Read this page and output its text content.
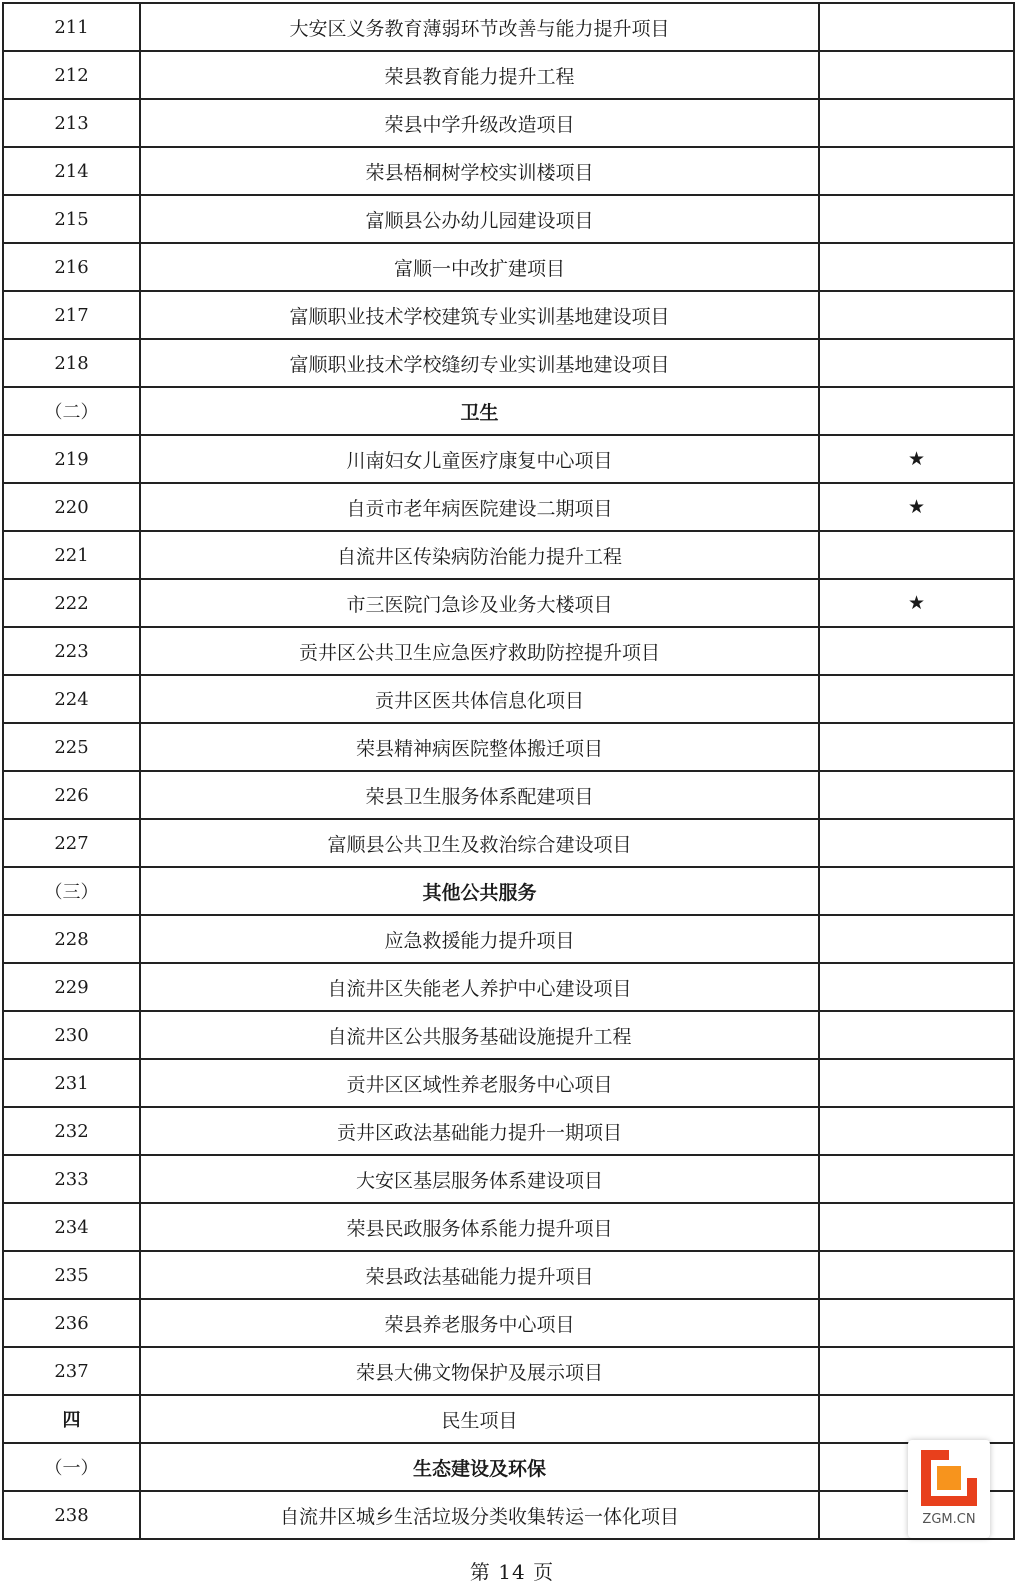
211	大安区义务教育薄弱环节改善与能力提升项目	
212	荣县教育能力提升工程	
213	荣县中学升级改造项目	
214	荣县梧桐树学校实训楼项目	
215	富顺县公办幼儿园建设项目	
216	富顺一中改扩建项目	
217	富顺职业技术学校建筑专业实训基地建设项目	
218	富顺职业技术学校缝纫专业实训基地建设项目	
（二）	卫生	
219	川南妇女儿童医疗康复中心项目	★
220	自贡市老年病医院建设二期项目	★
221	自流井区传染病防治能力提升工程	
222	市三医院门急诊及业务大楼项目	★
223	贡井区公共卫生应急医疗救助防控提升项目	
224	贡井区医共体信息化项目	
225	荣县精神病医院整体搬迁项目	
226	荣县卫生服务体系配建项目	
227	富顺县公共卫生及救治综合建设项目	
（三）	其他公共服务	
228	应急救援能力提升项目	
229	自流井区失能老人养护中心建设项目	
230	自流井区公共服务基础设施提升工程	
231	贡井区区域性养老服务中心项目	
232	贡井区政法基础能力提升一期项目	
233	大安区基层服务体系建设项目	
234	荣县民政服务体系能力提升项目	
235	荣县政法基础能力提升项目	
236	荣县养老服务中心项目	
237	荣县大佛文物保护及展示项目	
四	民生项目	
（一）	生态建设及环保	
238	自流井区城乡生活垃圾分类收集转运一体化项目	
第 14 页
ZGM.CN
